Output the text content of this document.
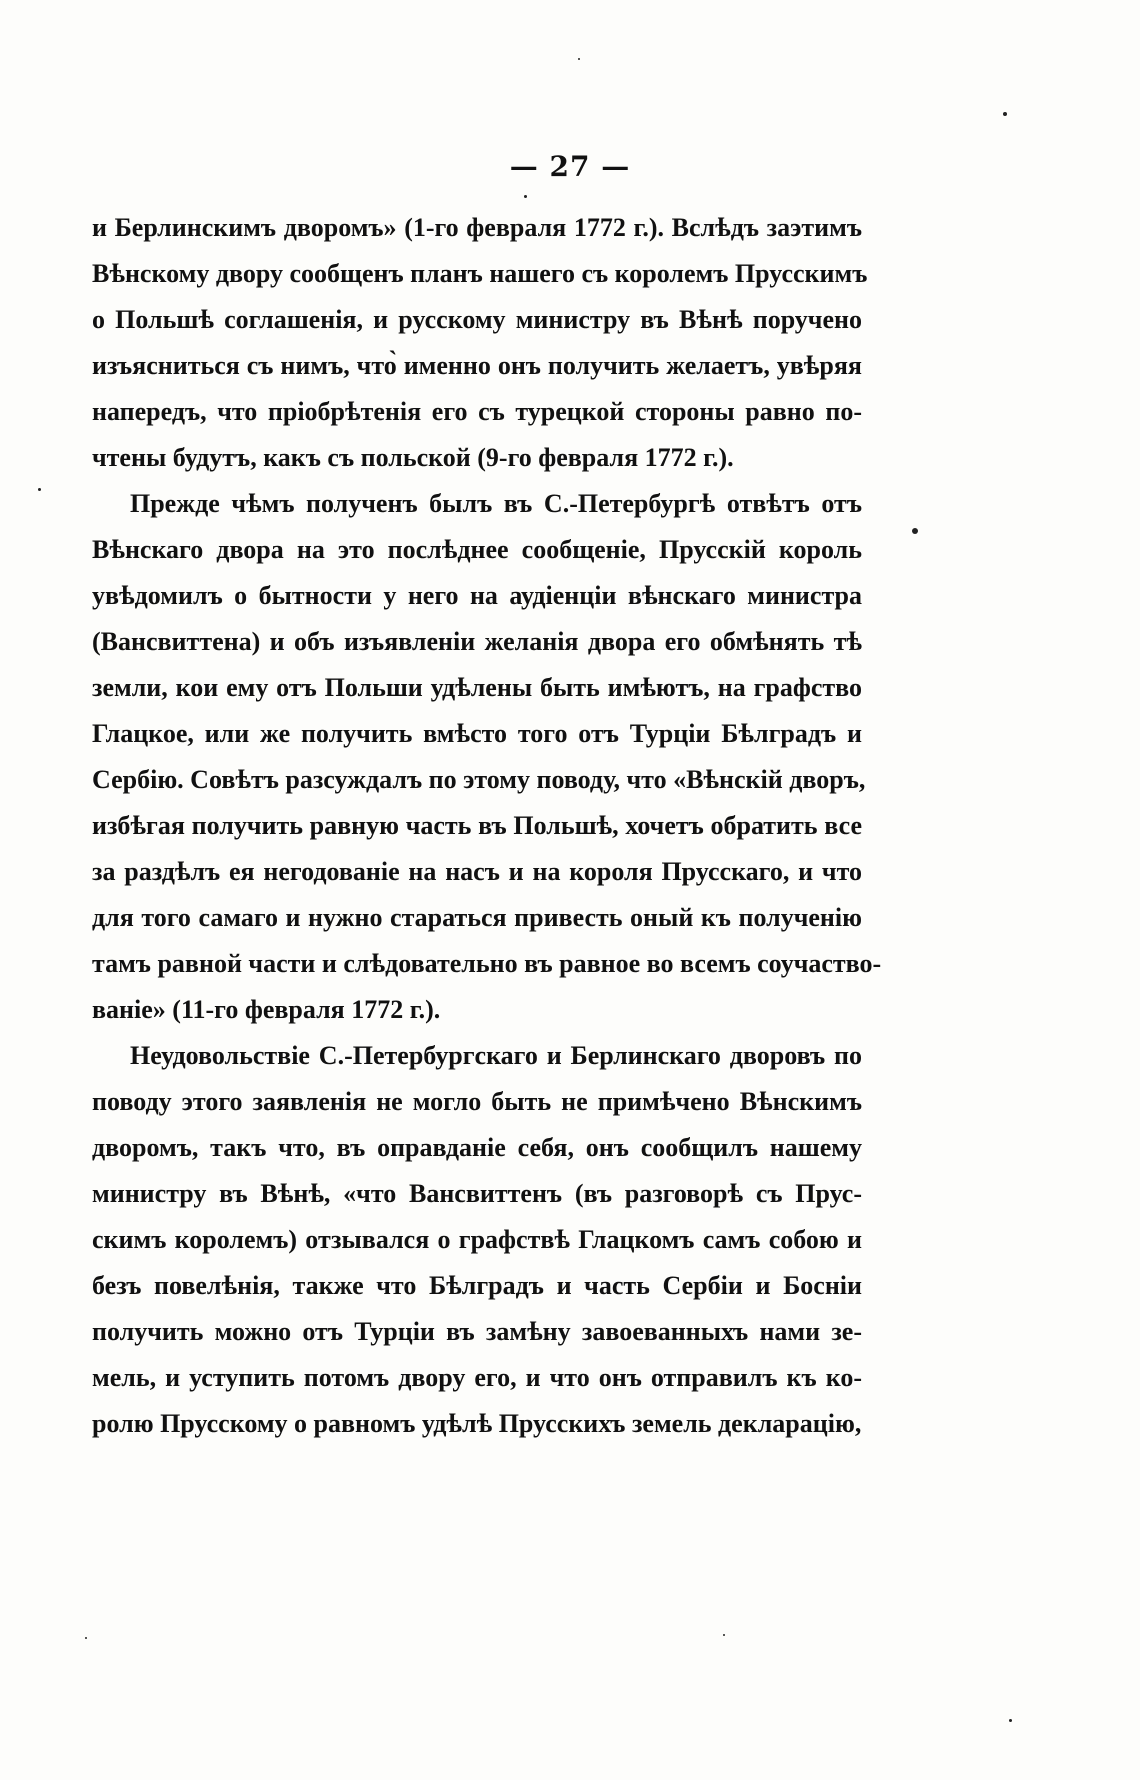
— 27 —
и Берлинскимъ дворомъ» (1-го февраля 1772 г.). Вслѣдъ заэтимъ
Вѣнскому двору сообщенъ планъ нашего съ королемъ Прусскимъ
о Польшѣ соглашенія, и русскому министру въ Вѣнѣ поручено
изъясниться съ нимъ, что̀ именно онъ получить желаетъ, увѣряя
напередъ, что пріобрѣтенія его съ турецкой стороны равно по-
чтены будутъ, какъ съ польской (9-го февраля 1772 г.).
Прежде чѣмъ полученъ былъ въ С.-Петербургѣ отвѣтъ отъ
Вѣнскаго двора на это послѣднее сообщеніе, Прусскій король
увѣдомилъ о бытности у него на аудіенціи вѣнскаго министра
(Вансвиттена) и объ изъявленіи желанія двора его обмѣнять тѣ
земли, кои ему отъ Польши удѣлены быть имѣютъ, на графство
Глацкое, или же получить вмѣсто того отъ Турціи Бѣлградъ и
Сербію. Совѣтъ разсуждалъ по этому поводу, что «Вѣнскій дворъ,
избѣгая получить равную часть въ Польшѣ, хочетъ обратить все
за раздѣлъ ея негодованіе на насъ и на короля Прусскаго, и что
для того самаго и нужно стараться привесть оный къ полученію
тамъ равной части и слѣдовательно въ равное во всемъ соучаство-
ваніе» (11-го февраля 1772 г.).
Неудовольствіе С.-Петербургскаго и Берлинскаго дворовъ по
поводу этого заявленія не могло быть не примѣчено Вѣнскимъ
дворомъ, такъ что, въ оправданіе себя, онъ сообщилъ нашему
министру въ Вѣнѣ, «что Вансвиттенъ (въ разговорѣ съ Прус-
скимъ королемъ) отзывался о графствѣ Глацкомъ самъ собою и
безъ повелѣнія, также что Бѣлградъ и часть Сербіи и Босніи
получить можно отъ Турціи въ замѣну завоеванныхъ нами зе-
мель, и уступить потомъ двору его, и что онъ отправилъ къ ко-
ролю Прусскому о равномъ удѣлѣ Прусскихъ земель декларацію,
